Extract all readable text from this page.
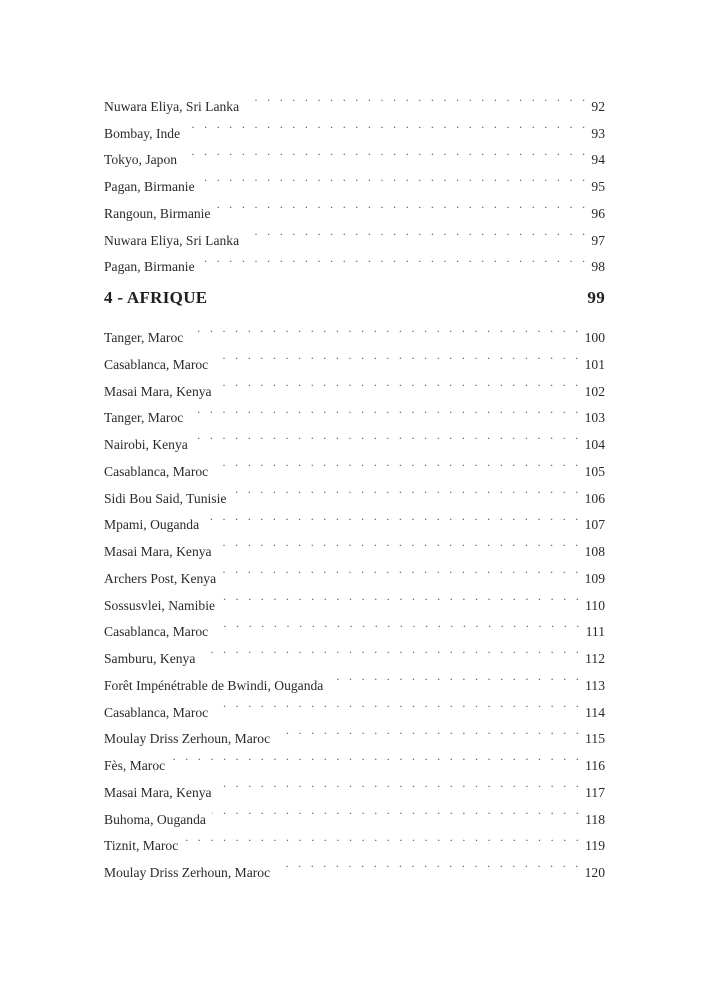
Nuwara Eliya, Sri Lanka . . .	92
Bombay, Inde . . .	93
Tokyo, Japon . . .	94
Pagan, Birmanie . . .	95
Rangoun, Birmanie . . .	96
Nuwara Eliya, Sri Lanka . . .	97
Pagan, Birmanie . . .	98
4 - AFRIQUE	99
Tanger, Maroc . . .	100
Casablanca, Maroc . . .	101
Masai Mara, Kenya . . .	102
Tanger, Maroc . . .	103
Nairobi, Kenya . . .	104
Casablanca, Maroc . . .	105
Sidi Bou Said, Tunisie . . .	106
Mpami, Ouganda . . .	107
Masai Mara, Kenya . . .	108
Archers Post, Kenya . . .	109
Sossusvlei, Namibie . . .	110
Casablanca, Maroc . . .	111
Samburu, Kenya . . .	112
Forêt Impénétrable de Bwindi, Ouganda . . .	113
Casablanca, Maroc . . .	114
Moulay Driss Zerhoun, Maroc . . .	115
Fès, Maroc . . .	116
Masai Mara, Kenya . . .	117
Buhoma, Ouganda . . .	118
Tiznit, Maroc . . .	119
Moulay Driss Zerhoun, Maroc . . .	120
